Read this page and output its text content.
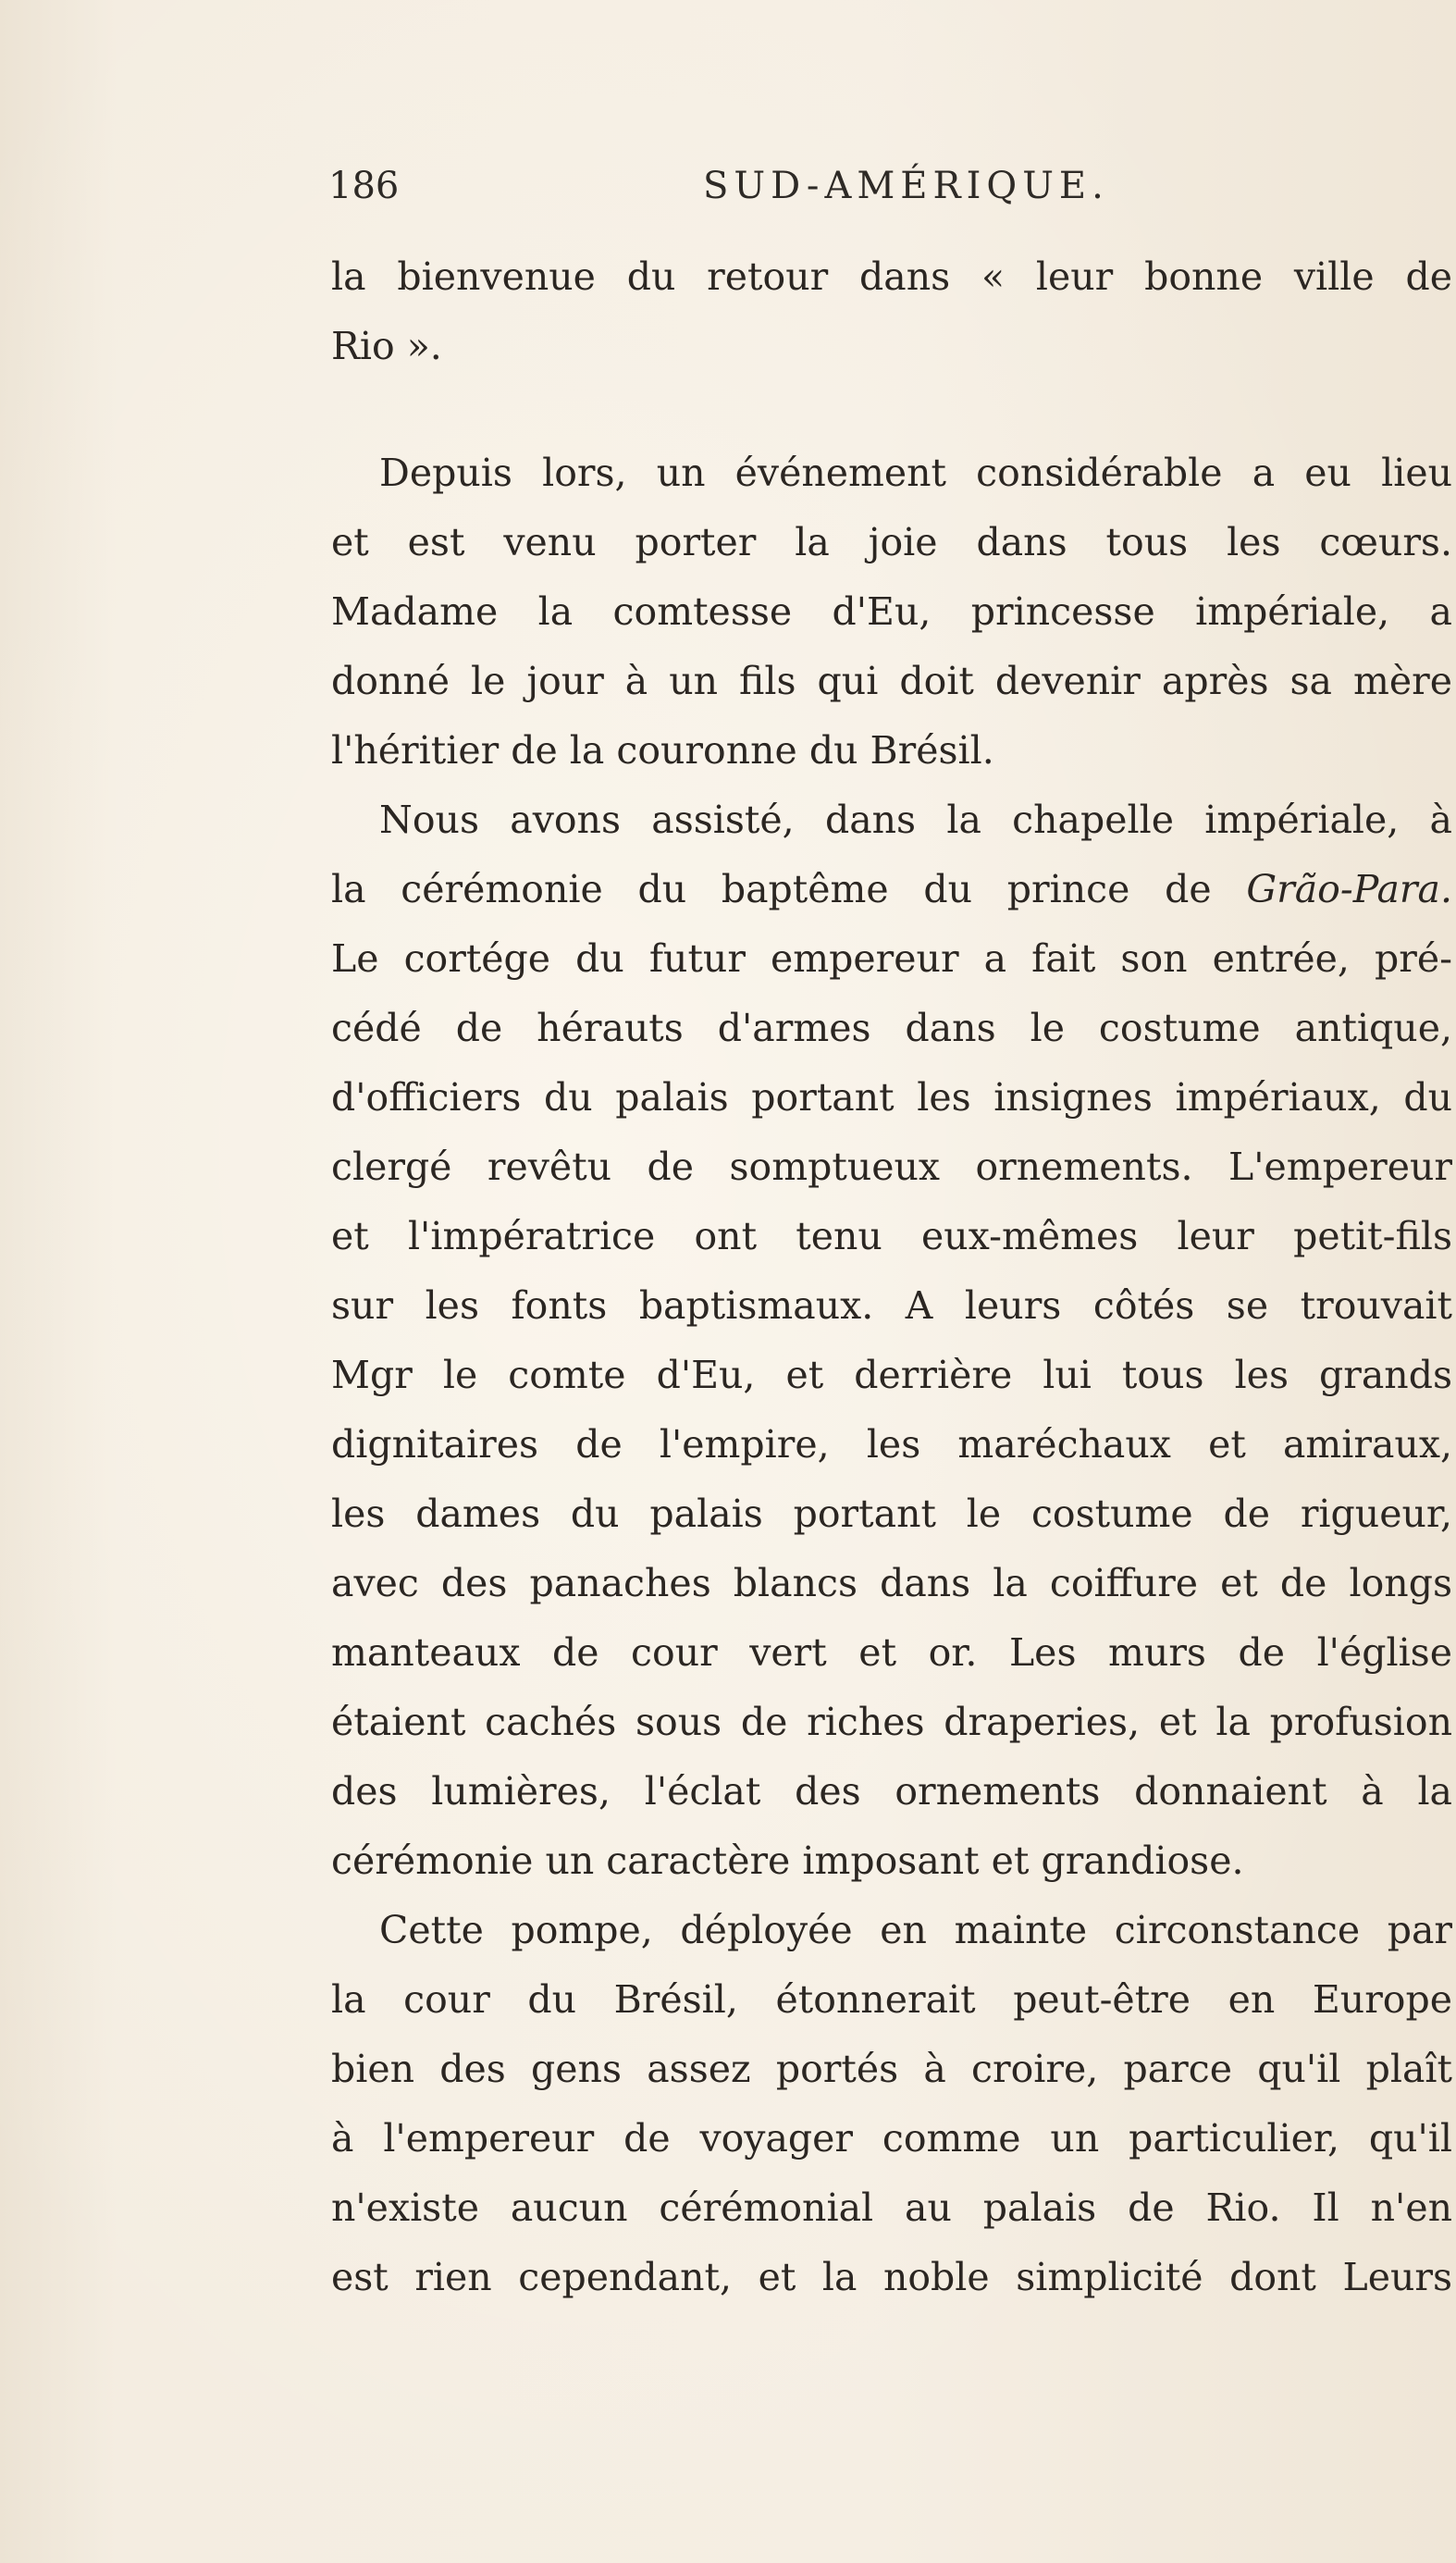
186	SUD-AMÉRIQUE.
la bienvenue du retour dans « leur bonne ville de
Rio ».
Depuis lors, un événement considérable a eu lieu
et est venu porter la joie dans tous les cœurs.
Madame la comtesse d'Eu, princesse impériale, a
donné le jour à un fils qui doit devenir après sa mère
l'héritier de la couronne du Brésil.
Nous avons assisté, dans la chapelle impériale, à
la cérémonie du baptême du prince de Grão-Para.
Le cortége du futur empereur a fait son entrée, pré-
cédé de hérauts d'armes dans le costume antique,
d'officiers du palais portant les insignes impériaux, du
clergé revêtu de somptueux ornements. L'empereur
et l'impératrice ont tenu eux-mêmes leur petit-fils
sur les fonts baptismaux. A leurs côtés se trouvait
Mgr le comte d'Eu, et derrière lui tous les grands
dignitaires de l'empire, les maréchaux et amiraux,
les dames du palais portant le costume de rigueur,
avec des panaches blancs dans la coiffure et de longs
manteaux de cour vert et or. Les murs de l'église
étaient cachés sous de riches draperies, et la profusion
des lumières, l'éclat des ornements donnaient à la
cérémonie un caractère imposant et grandiose.
Cette pompe, déployée en mainte circonstance par
la cour du Brésil, étonnerait peut-être en Europe
bien des gens assez portés à croire, parce qu'il plaît
à l'empereur de voyager comme un particulier, qu'il
n'existe aucun cérémonial au palais de Rio. Il n'en
est rien cependant, et la noble simplicité dont Leurs
